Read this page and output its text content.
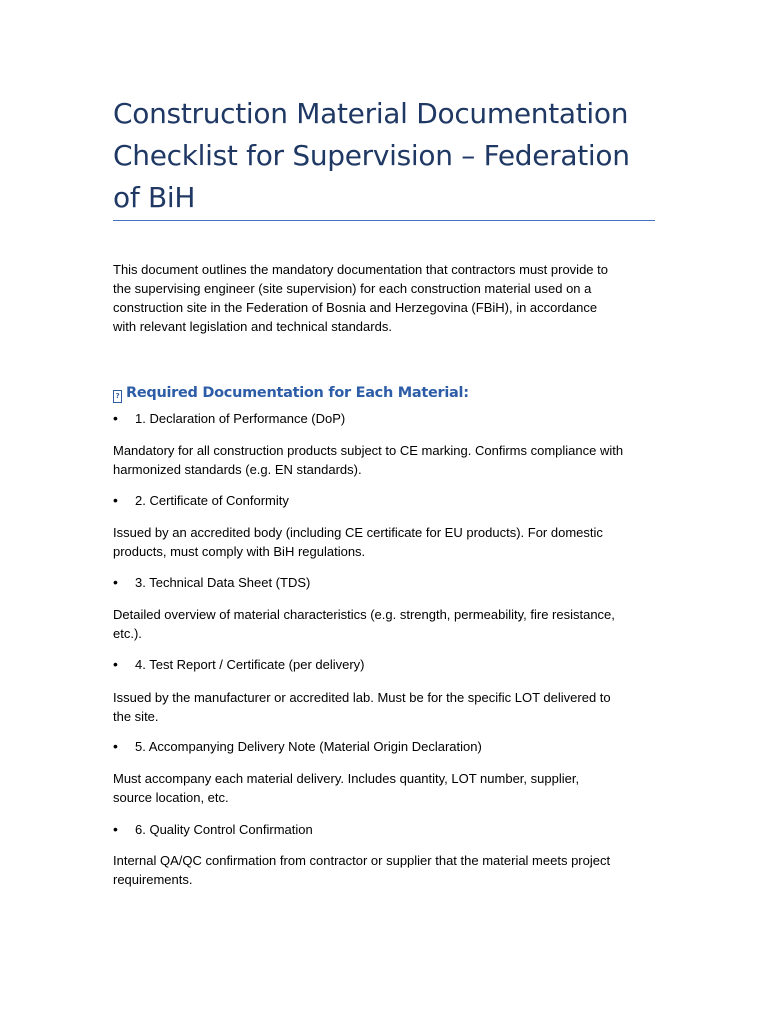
Construction Material Documentation
Checklist for Supervision – Federation
of BiH

This document outlines the mandatory documentation that contractors must provide to
the supervising engineer (site supervision) for each construction material used on a
construction site in the Federation of Bosnia and Herzegovina (FBiH), in accordance
with relevant legislation and technical standards.

? Required Documentation for Each Material:
• 1. Declaration of Performance (DoP)

Mandatory for all construction products subject to CE marking. Confirms compliance with
harmonized standards (e.g. EN standards).

• 2. Certificate of Conformity

Issued by an accredited body (including CE certificate for EU products). For domestic
products, must comply with BiH regulations.

• 3. Technical Data Sheet (TDS)

Detailed overview of material characteristics (e.g. strength, permeability, fire resistance,
etc.).

• 4. Test Report / Certificate (per delivery)

Issued by the manufacturer or accredited lab. Must be for the specific LOT delivered to
the site.

• 5. Accompanying Delivery Note (Material Origin Declaration)

Must accompany each material delivery. Includes quantity, LOT number, supplier,
source location, etc.

• 6. Quality Control Confirmation

Internal QA/QC confirmation from contractor or supplier that the material meets project
requirements.
